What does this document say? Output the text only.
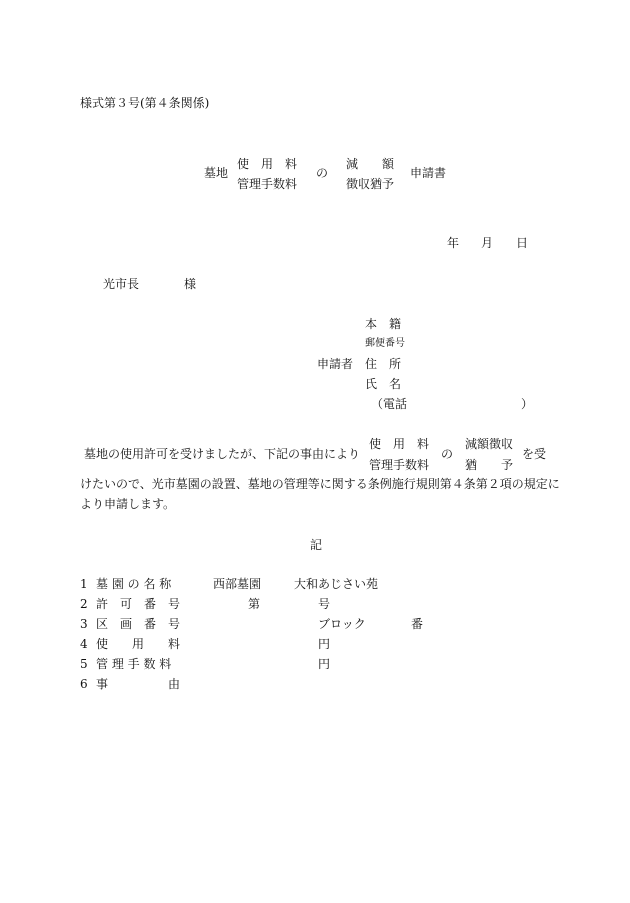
様式第３号(第４条関係)
墓地
使　用　料
管理手数料
の
減　　額
徴収猶予
申請書
年 月 日
光市長	様
本　籍
郵便番号
申請者 住　所
氏　名
（電話	）
墓地の使用許可を受けましたが、下記の事由により
使　用　料
管理手数料
の
減額徴収
猶　　予
を受
けたいので、光市墓園の設置、墓地の管理等に関する条例施行規則第４条第２項の規定に
より申請します。
記
1 墓 園 の 名 称	西部墓園	大和あじさい苑
2 許　可　番　号	第	号
3 区　画　番　号	ブロック	番
4 使　　用　　料	円
5 管 理 手 数 料	円
6 事　　　　　由
